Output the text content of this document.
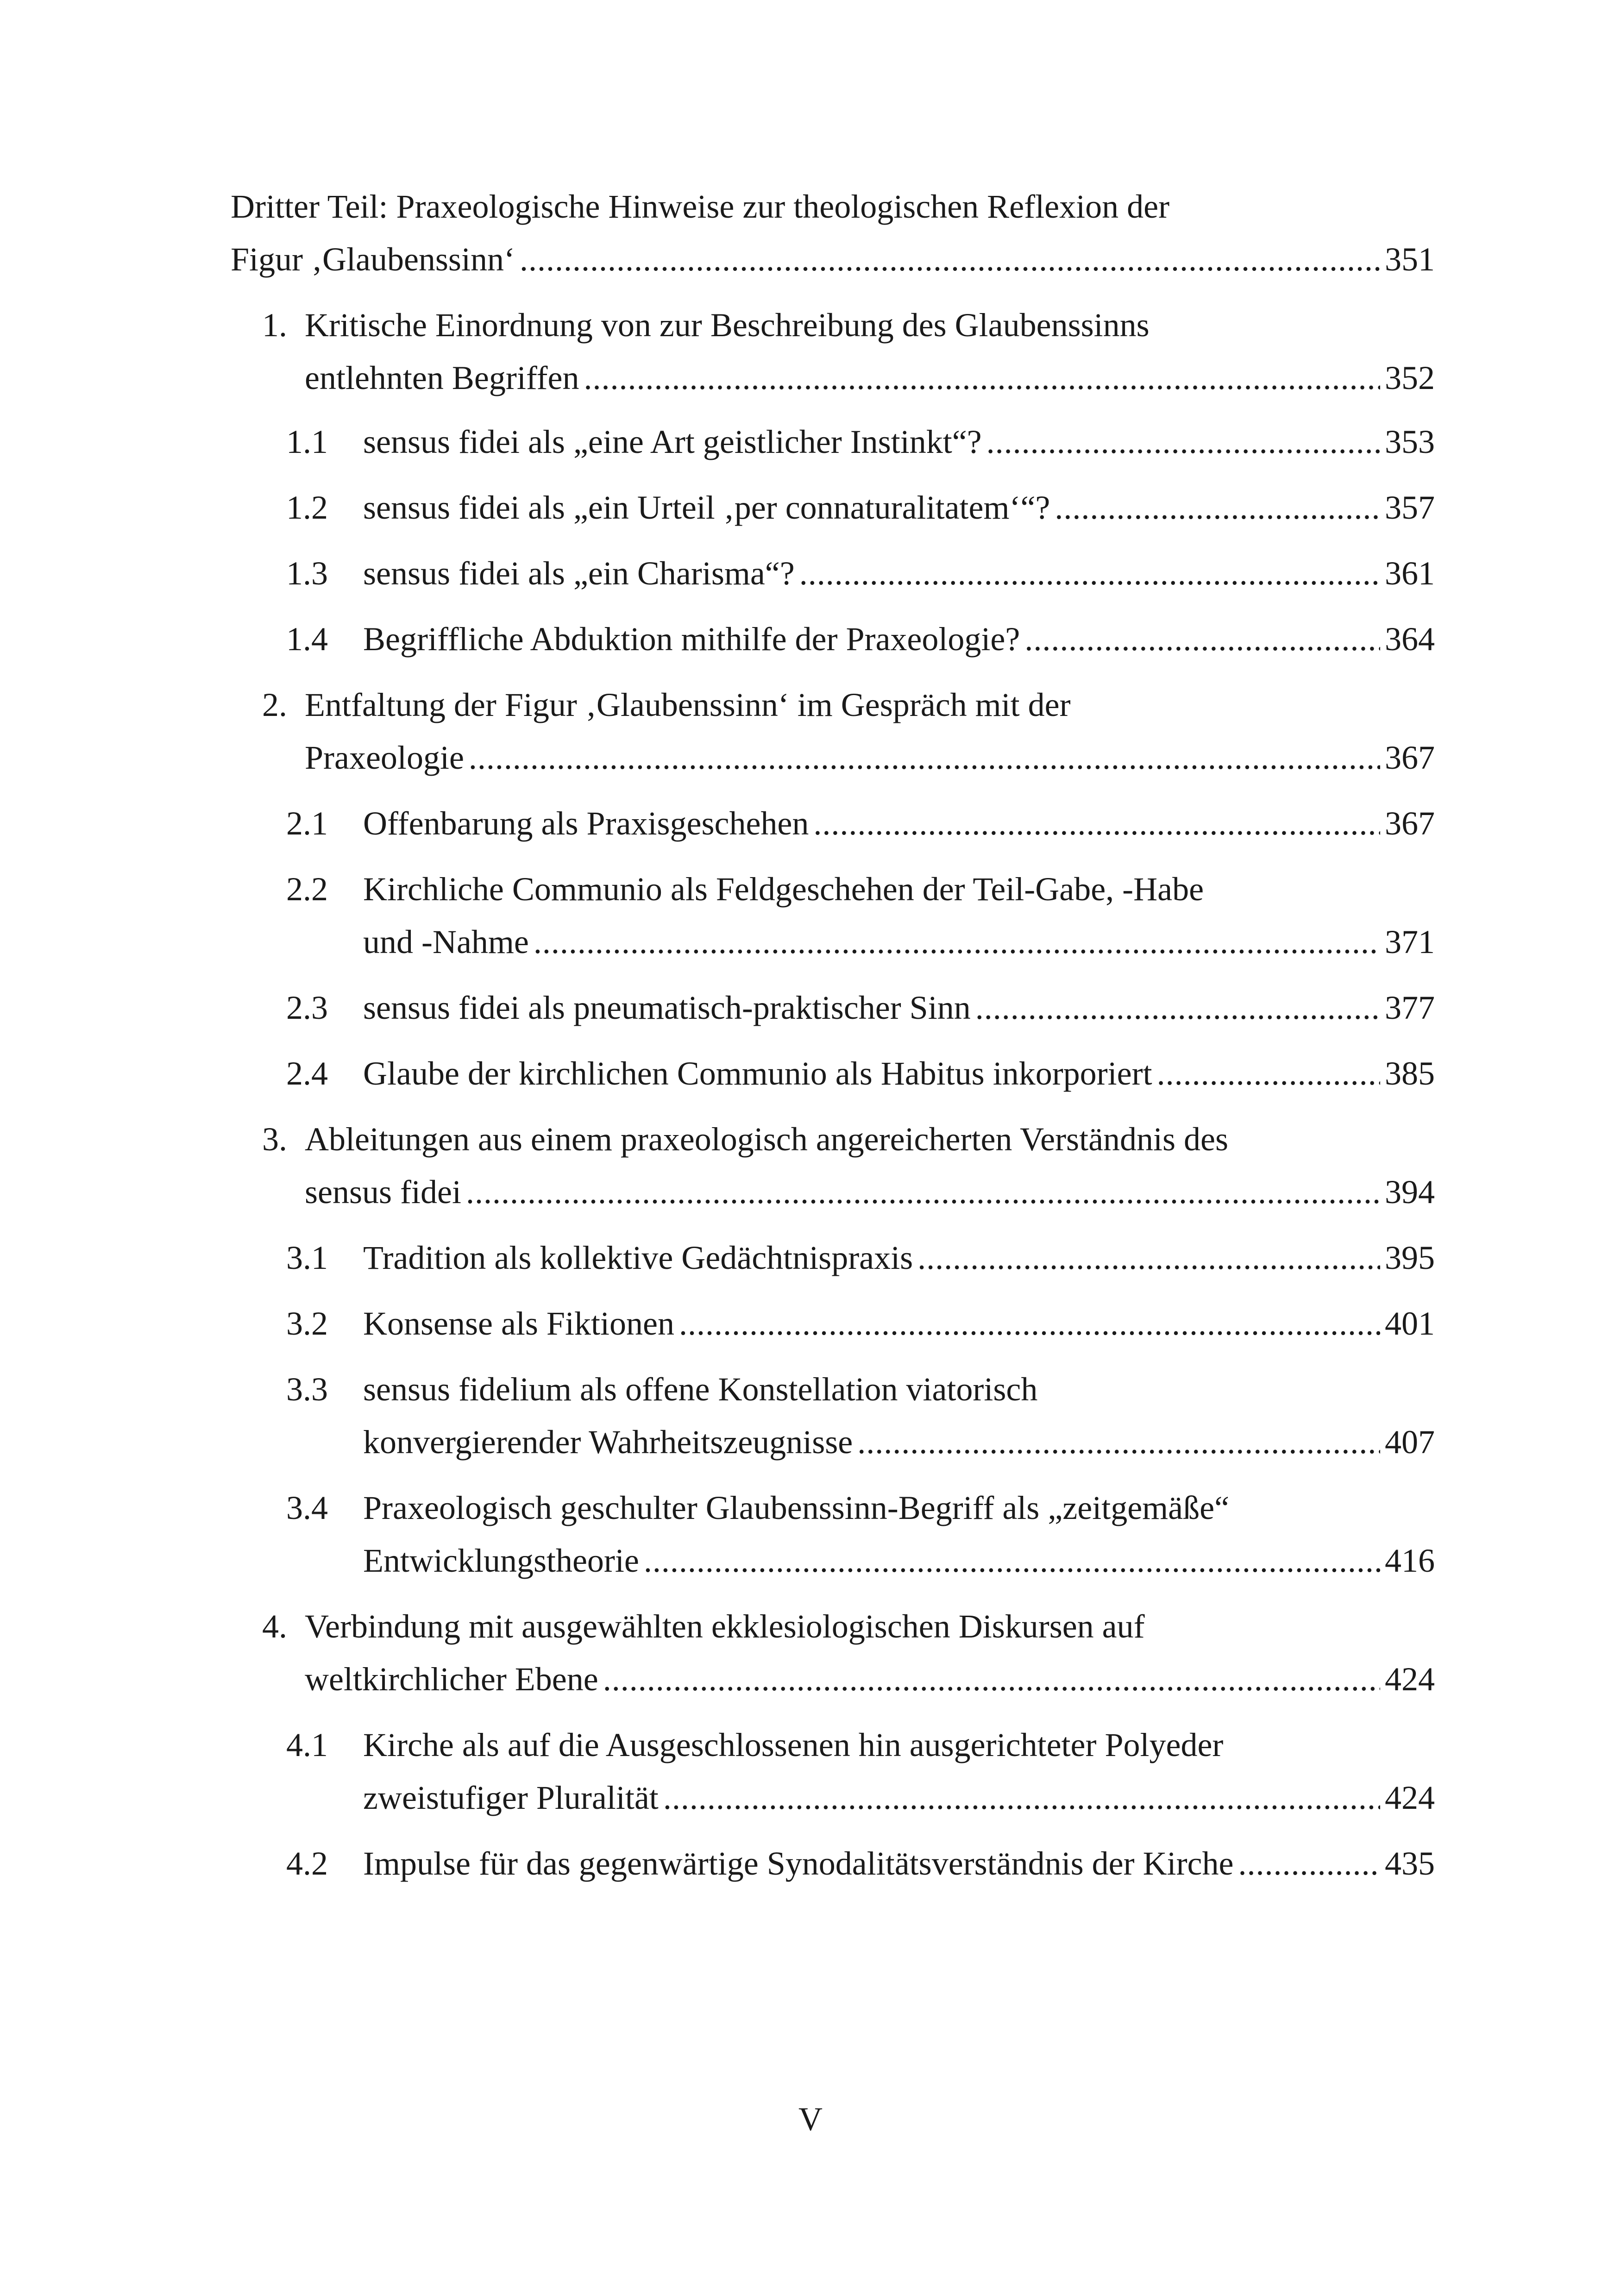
Dritter Teil: Praxeologische Hinweise zur theologischen Reflexion der
Figur ‚Glaubenssinn‘ .....	351
1. Kritische Einordnung von zur Beschreibung des Glaubenssinns
entlehnten Begriffen .....	352
1.1	sensus fidei als „eine Art geistlicher Instinkt“? .....	353
1.2	sensus fidei als „ein Urteil ‚per connaturalitatem‘“? .....	357
1.3	sensus fidei als „ein Charisma“? .....	361
1.4	Begriffliche Abduktion mithilfe der Praxeologie? .....	364
2. Entfaltung der Figur ‚Glaubenssinn‘ im Gespräch mit der
Praxeologie .....	367
2.1	Offenbarung als Praxisgeschehen .....	367
2.2	Kirchliche Communio als Feldgeschehen der Teil-Gabe, -Habe
und -Nahme .....	371
2.3	sensus fidei als pneumatisch-praktischer Sinn .....	377
2.4	Glaube der kirchlichen Communio als Habitus inkorporiert .....	385
3. Ableitungen aus einem praxeologisch angereicherten Verständnis des
sensus fidei .....	394
3.1	Tradition als kollektive Gedächtnispraxis .....	395
3.2	Konsense als Fiktionen .....	401
3.3	sensus fidelium als offene Konstellation viatorisch
konvergierender Wahrheitszeugnisse .....	407
3.4	Praxeologisch geschulter Glaubenssinn-Begriff als „zeitgemäße“
Entwicklungstheorie .....	416
4. Verbindung mit ausgewählten ekklesiologischen Diskursen auf
weltkirchlicher Ebene .....	424
4.1	Kirche als auf die Ausgeschlossenen hin ausgerichteter Polyeder
zweistufiger Pluralität .....	424
4.2	Impulse für das gegenwärtige Synodalitätsverständnis der Kirche .....	435
V
